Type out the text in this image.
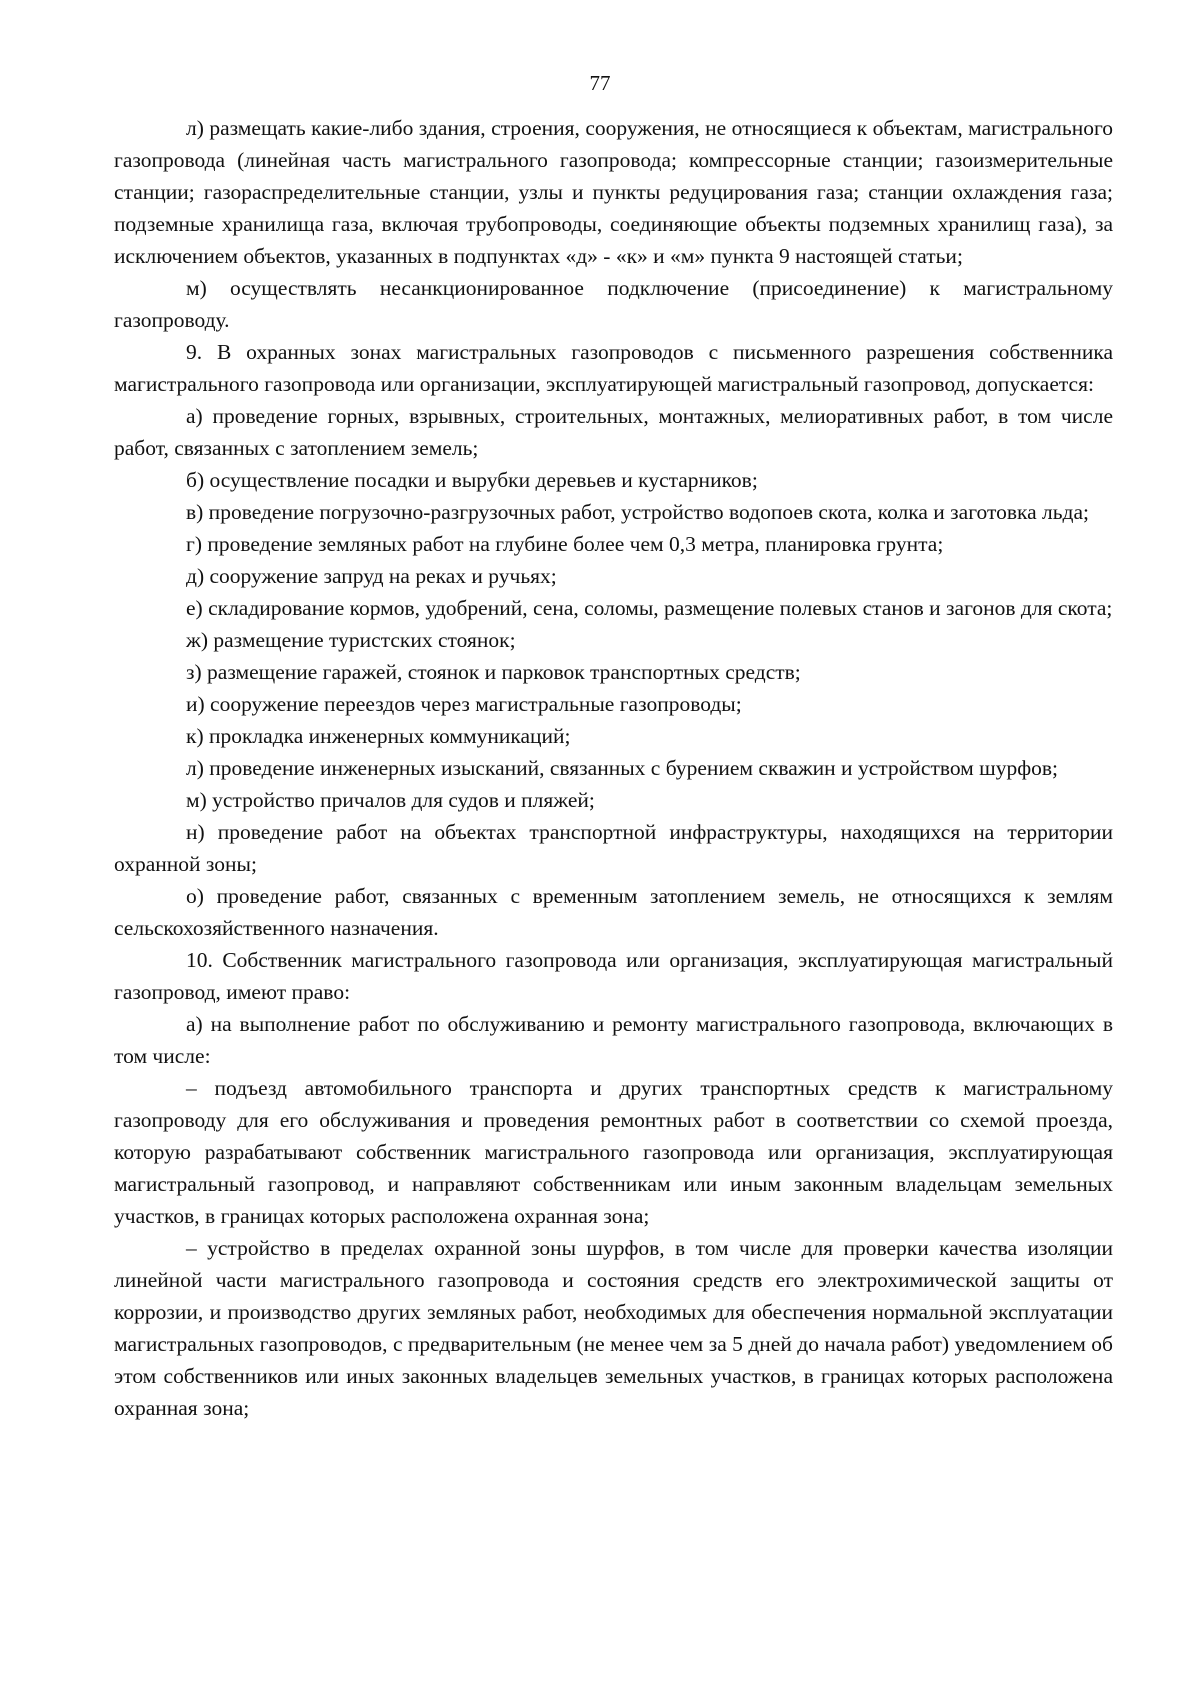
77

л) размещать какие-либо здания, строения, сооружения, не относящиеся к объектам, магистрального газопровода (линейная часть магистрального газопровода; компрессорные станции; газоизмерительные станции; газораспределительные станции, узлы и пункты редуцирования газа; станции охлаждения газа; подземные хранилища газа, включая трубопроводы, соединяющие объекты подземных хранилищ газа), за исключением объектов, указанных в подпунктах «д» - «к» и «м» пункта 9 настоящей статьи;

м) осуществлять несанкционированное подключение (присоединение) к магистральному газопроводу.

9. В охранных зонах магистральных газопроводов с письменного разрешения собственника магистрального газопровода или организации, эксплуатирующей магистральный газопровод, допускается:

а) проведение горных, взрывных, строительных, монтажных, мелиоративных работ, в том числе работ, связанных с затоплением земель;

б) осуществление посадки и вырубки деревьев и кустарников;

в) проведение погрузочно-разгрузочных работ, устройство водопоев скота, колка и заготовка льда;

г) проведение земляных работ на глубине более чем 0,3 метра, планировка грунта;

д) сооружение запруд на реках и ручьях;

е) складирование кормов, удобрений, сена, соломы, размещение полевых станов и загонов для скота;

ж) размещение туристских стоянок;

з) размещение гаражей, стоянок и парковок транспортных средств;

и) сооружение переездов через магистральные газопроводы;

к) прокладка инженерных коммуникаций;

л) проведение инженерных изысканий, связанных с бурением скважин и устройством шурфов;

м) устройство причалов для судов и пляжей;

н) проведение работ на объектах транспортной инфраструктуры, находящихся на территории охранной зоны;

о) проведение работ, связанных с временным затоплением земель, не относящихся к землям сельскохозяйственного назначения.

10. Собственник магистрального газопровода или организация, эксплуатирующая магистральный газопровод, имеют право:

а) на выполнение работ по обслуживанию и ремонту магистрального газопровода, включающих в том числе:

– подъезд автомобильного транспорта и других транспортных средств к магистральному газопроводу для его обслуживания и проведения ремонтных работ в соответствии со схемой проезда, которую разрабатывают собственник магистрального газопровода или организация, эксплуатирующая магистральный газопровод, и направляют собственникам или иным законным владельцам земельных участков, в границах которых расположена охранная зона;

– устройство в пределах охранной зоны шурфов, в том числе для проверки качества изоляции линейной части магистрального газопровода и состояния средств его электрохимической защиты от коррозии, и производство других земляных работ, необходимых для обеспечения нормальной эксплуатации магистральных газопроводов, с предварительным (не менее чем за 5 дней до начала работ) уведомлением об этом собственников или иных законных владельцев земельных участков, в границах которых расположена охранная зона;
